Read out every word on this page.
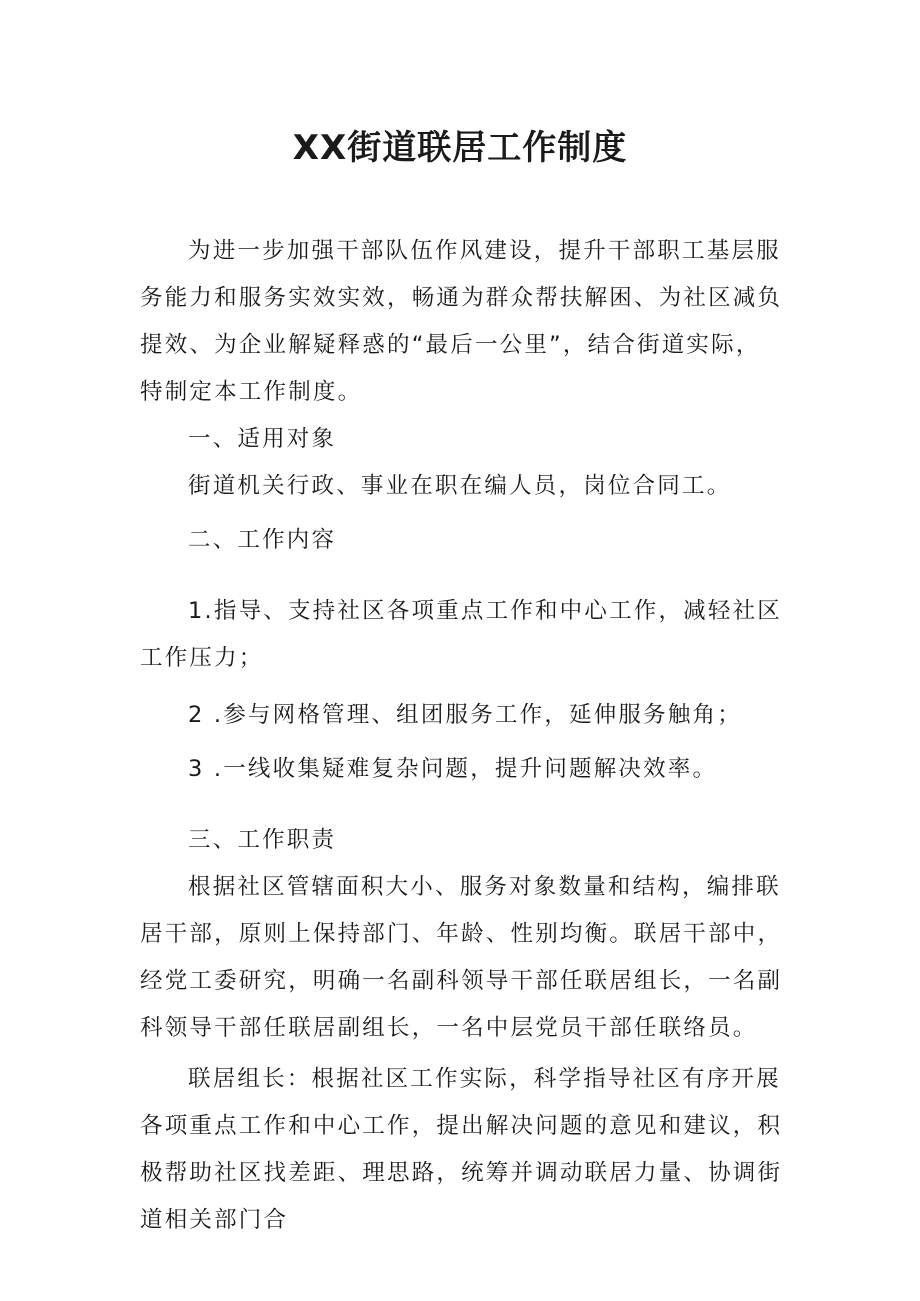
XX街道联居工作制度

为进一步加强干部队伍作风建设，提升干部职工基层服务能力和服务实效实效，畅通为群众帮扶解困、为社区减负提效、为企业解疑释惑的“最后一公里”，结合街道实际，特制定本工作制度。

一、适用对象

街道机关行政、事业在职在编人员，岗位合同工。

二、工作内容

1.指导、支持社区各项重点工作和中心工作，减轻社区工作压力；

2 .参与网格管理、组团服务工作，延伸服务触角；

3 .一线收集疑难复杂问题，提升问题解决效率。

三、工作职责

根据社区管辖面积大小、服务对象数量和结构，编排联居干部，原则上保持部门、年龄、性别均衡。联居干部中，经党工委研究，明确一名副科领导干部任联居组长，一名副科领导干部任联居副组长，一名中层党员干部任联络员。

联居组长：根据社区工作实际，科学指导社区有序开展各项重点工作和中心工作，提出解决问题的意见和建议，积极帮助社区找差距、理思路，统筹并调动联居力量、协调街道相关部门合
